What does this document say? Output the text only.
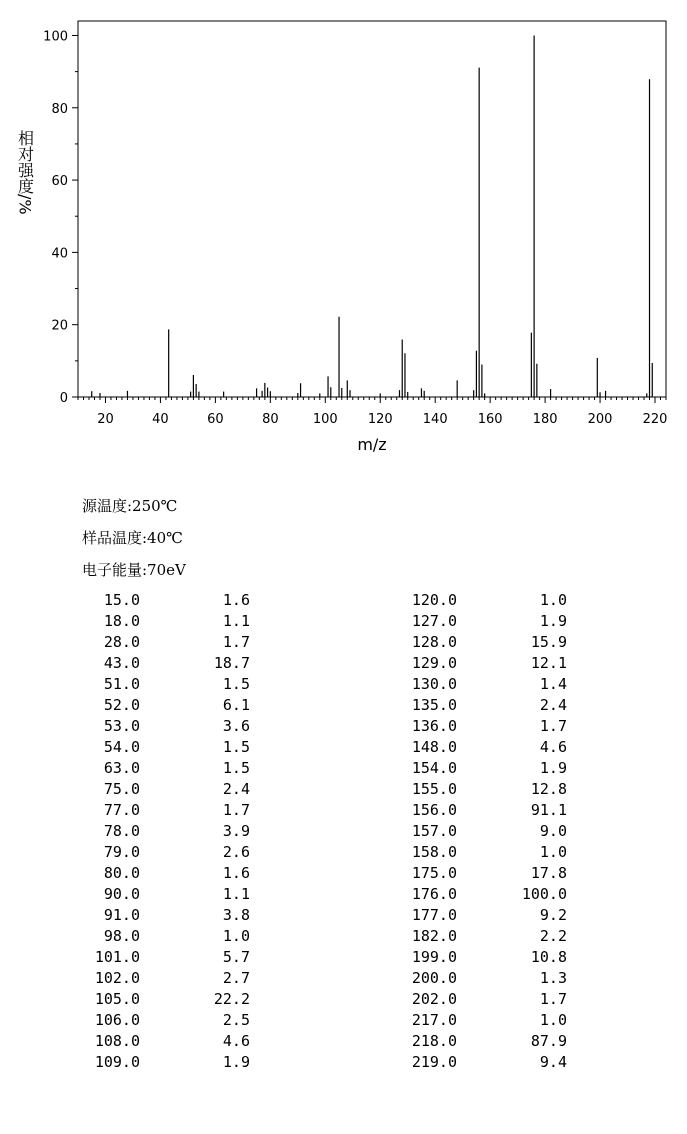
20	40	60	80	100 120 140 160 180 200 220
0
20
40
60
80
100
m/z
相对强度/%
源温度:250℃
样品温度:40℃
电子能量:70eV
15.0	1.6
18.0	1.1
28.0	1.7
43.0	18.7
51.0	1.5
52.0	6.1
53.0	3.6
54.0	1.5
63.0	1.5
75.0	2.4
77.0	1.7
78.0	3.9
79.0	2.6
80.0	1.6
90.0	1.1
91.0	3.8
98.0	1.0
101.0	5.7
102.0	2.7
105.0	22.2
106.0	2.5
108.0	4.6
109.0	1.9
120.0	1.0
127.0	1.9
128.0	15.9
129.0	12.1
130.0	1.4
135.0	2.4
136.0	1.7
148.0	4.6
154.0	1.9
155.0	12.8
156.0	91.1
157.0	9.0
158.0	1.0
175.0	17.8
176.0	100.0
177.0	9.2
182.0	2.2
199.0	10.8
200.0	1.3
202.0	1.7
217.0	1.0
218.0	87.9
219.0	9.4
